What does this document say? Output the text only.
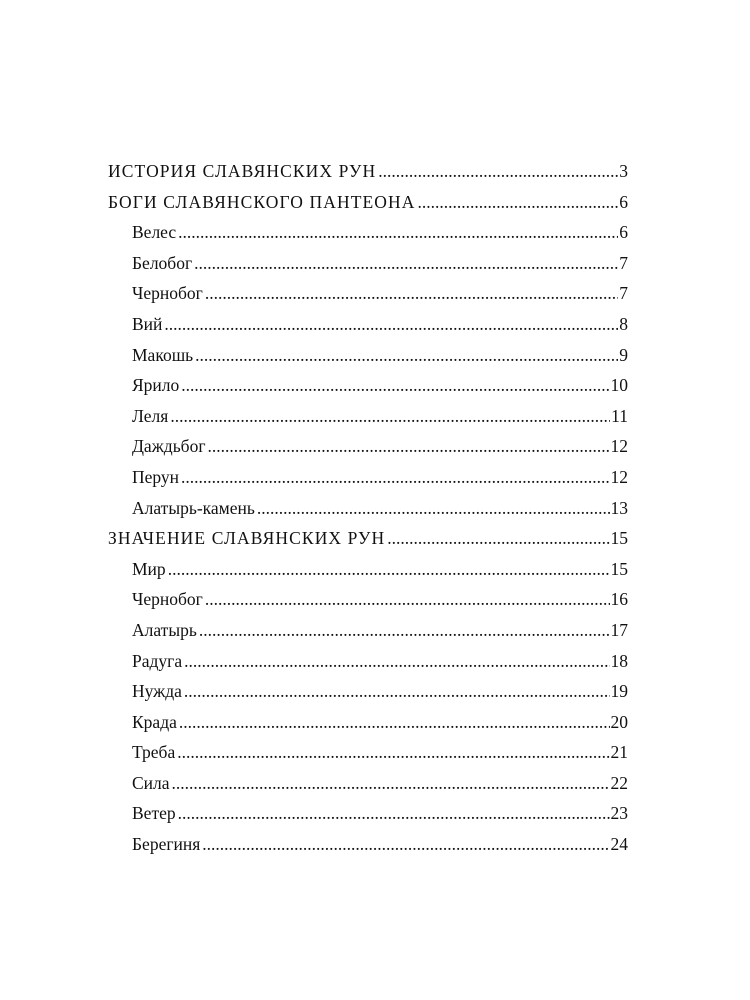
ИСТОРИЯ СЛАВЯНСКИХ РУН .....	3
БОГИ СЛАВЯНСКОГО ПАНТЕОНА .....	6
Велес .....	6
Белобог .....	7
Чернобог .....	7
Вий .....	8
Макошь .....	9
Ярило .....	10
Леля .....	11
Даждьбог .....	12
Перун .....	12
Алатырь-камень .....	13
ЗНАЧЕНИЕ СЛАВЯНСКИХ РУН .....	15
Мир .....	15
Чернобог .....	16
Алатырь .....	17
Радуга .....	18
Нужда .....	19
Крада .....	20
Треба .....	21
Сила .....	22
Ветер .....	23
Берегиня .....	24
